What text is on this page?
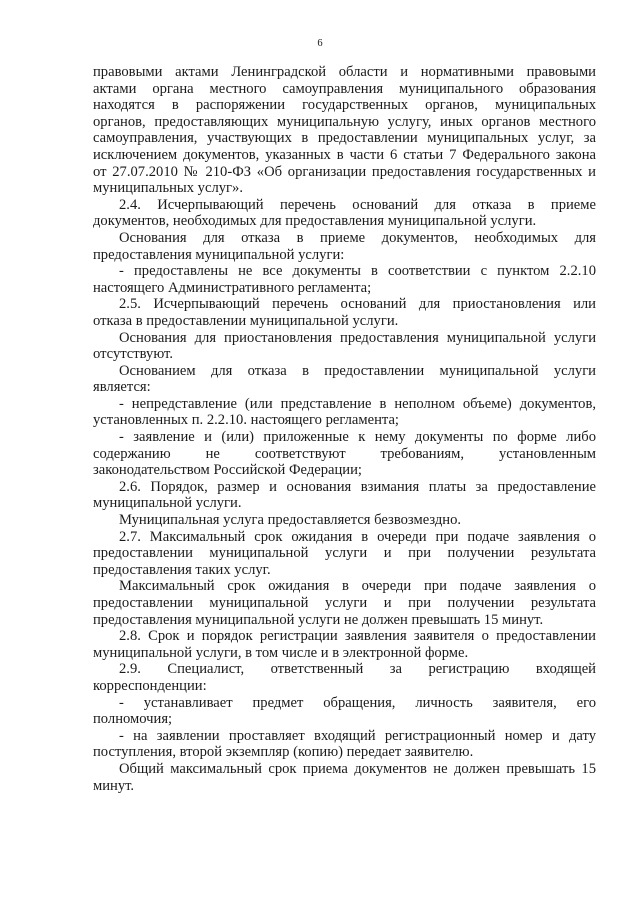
6
правовыми актами Ленинградской области и нормативными правовыми
актами органа местного самоуправления муниципального образования
находятся в распоряжении государственных органов, муниципальных
органов, предоставляющих муниципальную услугу, иных органов местного
самоуправления, участвующих в предоставлении муниципальных услуг, за
исключением документов, указанных в части 6 статьи 7 Федерального закона
от 27.07.2010 № 210-ФЗ «Об организации предоставления государственных и
муниципальных услуг».
2.4. Исчерпывающий перечень оснований для отказа в приеме
документов, необходимых для предоставления муниципальной услуги.
Основания для отказа в приеме документов, необходимых для
предоставления муниципальной услуги:
- предоставлены не все документы в соответствии с пунктом 2.2.10
настоящего Административного регламента;
2.5. Исчерпывающий перечень оснований для приостановления или
отказа в предоставлении муниципальной услуги.
Основания для приостановления предоставления муниципальной услуги
отсутствуют.
Основанием для отказа в предоставлении муниципальной услуги
является:
- непредставление (или представление в неполном объеме) документов,
установленных п. 2.2.10. настоящего регламента;
- заявление и (или) приложенные к нему документы по форме либо
содержанию не соответствуют требованиям, установленным
законодательством Российской Федерации;
2.6. Порядок, размер и основания взимания платы за предоставление
муниципальной услуги.
Муниципальная услуга предоставляется безвозмездно.
2.7. Максимальный срок ожидания в очереди при подаче заявления о
предоставлении муниципальной услуги и при получении результата
предоставления таких услуг.
Максимальный срок ожидания в очереди при подаче заявления о
предоставлении муниципальной услуги и при получении результата
предоставления муниципальной услуги не должен превышать 15 минут.
2.8. Срок и порядок регистрации заявления заявителя о предоставлении
муниципальной услуги, в том числе и в электронной форме.
2.9. Специалист, ответственный за регистрацию входящей
корреспонденции:
- устанавливает предмет обращения, личность заявителя, его
полномочия;
- на заявлении проставляет входящий регистрационный номер и дату
поступления, второй экземпляр (копию) передает заявителю.
Общий максимальный срок приема документов не должен превышать 15
минут.
